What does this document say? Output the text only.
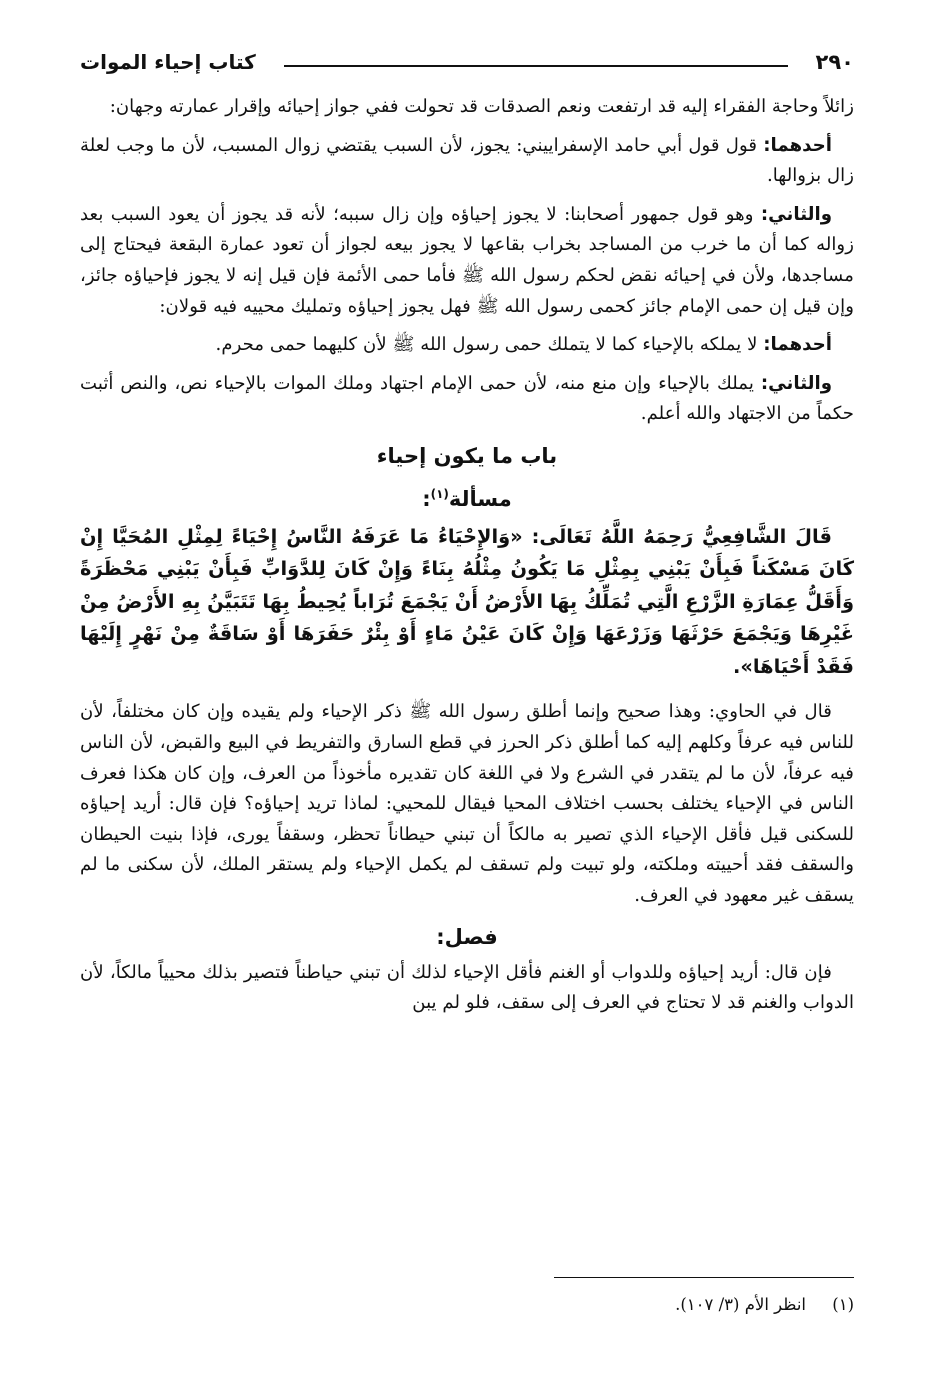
٢٩٠
كتاب إحياء الموات

زائلاً وحاجة الفقراء إليه قد ارتفعت ونعم الصدقات قد تحولت ففي جواز إحيائه وإقرار عمارته وجهان:

أحدهما: قول قول أبي حامد الإسفراييني: يجوز، لأن السبب يقتضي زوال المسبب، لأن ما وجب لعلة زال بزوالها.

والثاني: وهو قول جمهور أصحابنا: لا يجوز إحياؤه وإن زال سببه؛ لأنه قد يجوز أن يعود السبب بعد زواله كما أن ما خرب من المساجد بخراب بقاعها لا يجوز بيعه لجواز أن تعود عمارة البقعة فيحتاج إلى مساجدها، ولأن في إحيائه نقض لحكم رسول الله ﷺ فأما حمى الأئمة فإن قيل إنه لا يجوز فإحياؤه جائز، وإن قيل إن حمى الإمام جائز كحمى رسول الله ﷺ فهل يجوز إحياؤه وتمليك محييه فيه قولان:

أحدهما: لا يملكه بالإحياء كما لا يتملك حمى رسول الله ﷺ لأن كليهما حمى محرم.

والثاني: يملك بالإحياء وإن منع منه، لأن حمى الإمام اجتهاد وملك الموات بالإحياء نص، والنص أثبت حكماً من الاجتهاد والله أعلم.

باب ما يكون إحياء
مسألة$^{(١)}$:

قَالَ الشَّافِعِيُّ رَحِمَهُ اللَّهُ تَعَالَى: «وَالإِحْيَاءُ مَا عَرَفَهُ النَّاسُ إِحْيَاءً لِمِثْلِ المُحَيَّا إِنْ كَانَ مَسْكَناً فَبِأَنْ يَبْنِي بِمِثْلِ مَا يَكُونُ مِثْلُهُ بِنَاءً وَإِنْ كَانَ لِلدَّوَابِّ فَبِأَنْ يَبْنِي مَحْظَرَةً وَأَقَلُّ عِمَارَةِ الزَّرْعِ الَّتِي تُمَلِّكُ بِهَا الأَرْضُ أَنْ يَجْمَعَ تُرَاباً يُحِيطُ بِهَا تَتَبَيَّنُ بِهِ الأَرْضُ مِنْ غَيْرِهَا وَيَجْمَعَ حَرْثَهَا وَزَرْعَهَا وَإِنْ كَانَ عَيْنُ مَاءٍ أَوْ بِئْرٌ حَفَرَهَا أَوْ سَاقَةٌ مِنْ نَهْرٍ إِلَيْهَا فَقَدْ أَحْيَاهَا».

قال في الحاوي: وهذا صحيح وإنما أطلق رسول الله ﷺ ذكر الإحياء ولم يقيده وإن كان مختلفاً، لأن للناس فيه عرفاً وكلهم إليه كما أطلق ذكر الحرز في قطع السارق والتفريط في البيع والقبض، لأن الناس فيه عرفاً، لأن ما لم يتقدر في الشرع ولا في اللغة كان تقديره مأخوذاً من العرف، وإن كان هكذا فعرف الناس في الإحياء يختلف بحسب اختلاف المحيا فيقال للمحيي: لماذا تريد إحياؤه؟ فإن قال: أريد إحياؤه للسكنى قيل فأقل الإحياء الذي تصير به مالكاً أن تبني حيطاناً تحظر، وسقفاً يورى، فإذا بنيت الحيطان والسقف فقد أحييته وملكته، ولو تبيت ولم تسقف لم يكمل الإحياء ولم يستقر الملك، لأن سكنى ما لم يسقف غير معهود في العرف.

فصل:

فإن قال: أريد إحياؤه وللدواب أو الغنم فأقل الإحياء لذلك أن تبني حياطناً فتصير بذلك محيياً مالكاً، لأن الدواب والغنم قد لا تحتاج في العرف إلى سقف، فلو لم يبن

(١)
انظر الأم (٣/ ١٠٧).
